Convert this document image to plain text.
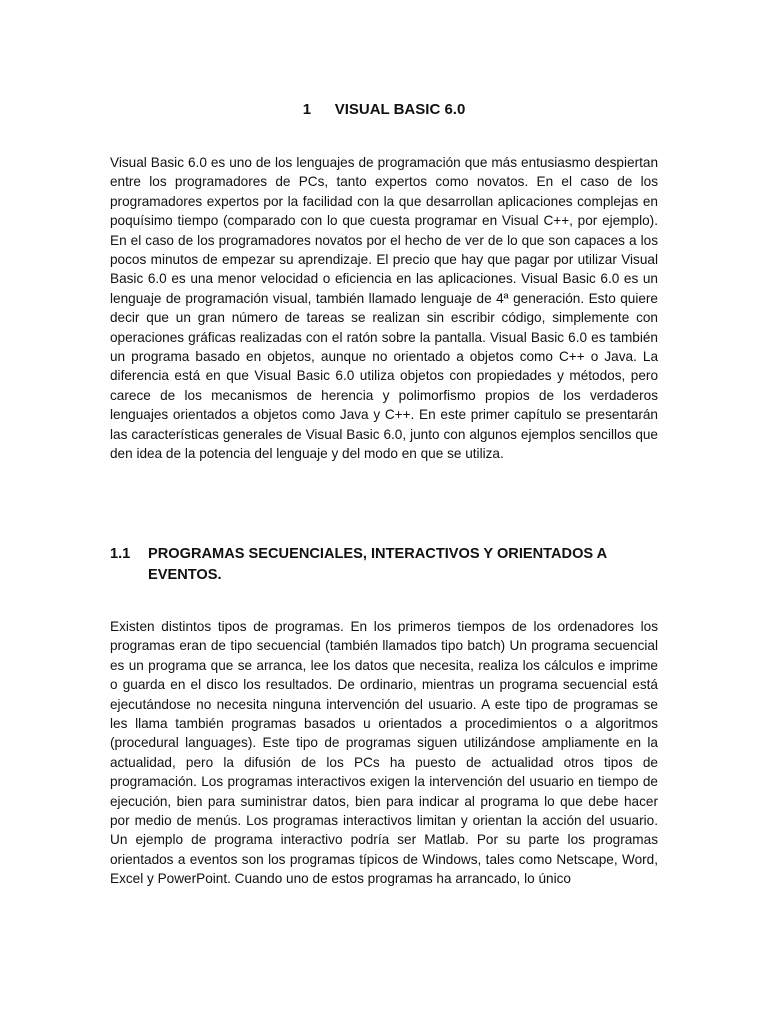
1 VISUAL BASIC 6.0

Visual Basic 6.0 es uno de los lenguajes de programación que más entusiasmo despiertan entre los programadores de PCs, tanto expertos como novatos. En el caso de los programadores expertos por la facilidad con la que desarrollan aplicaciones complejas en poquísimo tiempo (comparado con lo que cuesta programar en Visual C++, por ejemplo). En el caso de los programadores novatos por el hecho de ver de lo que son capaces a los pocos minutos de empezar su aprendizaje. El precio que hay que pagar por utilizar Visual Basic 6.0 es una menor velocidad o eficiencia en las aplicaciones. Visual Basic 6.0 es un lenguaje de programación visual, también llamado lenguaje de 4ª generación. Esto quiere decir que un gran número de tareas se realizan sin escribir código, simplemente con operaciones gráficas realizadas con el ratón sobre la pantalla. Visual Basic 6.0 es también un programa basado en objetos, aunque no orientado a objetos como C++ o Java. La diferencia está en que Visual Basic 6.0 utiliza objetos con propiedades y métodos, pero carece de los mecanismos de herencia y polimorfismo propios de los verdaderos lenguajes orientados a objetos como Java y C++. En este primer capítulo se presentarán las características generales de Visual Basic 6.0, junto con algunos ejemplos sencillos que den idea de la potencia del lenguaje y del modo en que se utiliza.

1.1	PROGRAMAS SECUENCIALES, INTERACTIVOS Y ORIENTADOS A EVENTOS.

Existen distintos tipos de programas. En los primeros tiempos de los ordenadores los programas eran de tipo secuencial (también llamados tipo batch) Un programa secuencial es un programa que se arranca, lee los datos que necesita, realiza los cálculos e imprime o guarda en el disco los resultados. De ordinario, mientras un programa secuencial está ejecutándose no necesita ninguna intervención del usuario. A este tipo de programas se les llama también programas basados u orientados a procedimientos o a algoritmos (procedural languages). Este tipo de programas siguen utilizándose ampliamente en la actualidad, pero la difusión de los PCs ha puesto de actualidad otros tipos de programación. Los programas interactivos exigen la intervención del usuario en tiempo de ejecución, bien para suministrar datos, bien para indicar al programa lo que debe hacer por medio de menús. Los programas interactivos limitan y orientan la acción del usuario. Un ejemplo de programa interactivo podría ser Matlab. Por su parte los programas orientados a eventos son los programas típicos de Windows, tales como Netscape, Word, Excel y PowerPoint. Cuando uno de estos programas ha arrancado, lo único
